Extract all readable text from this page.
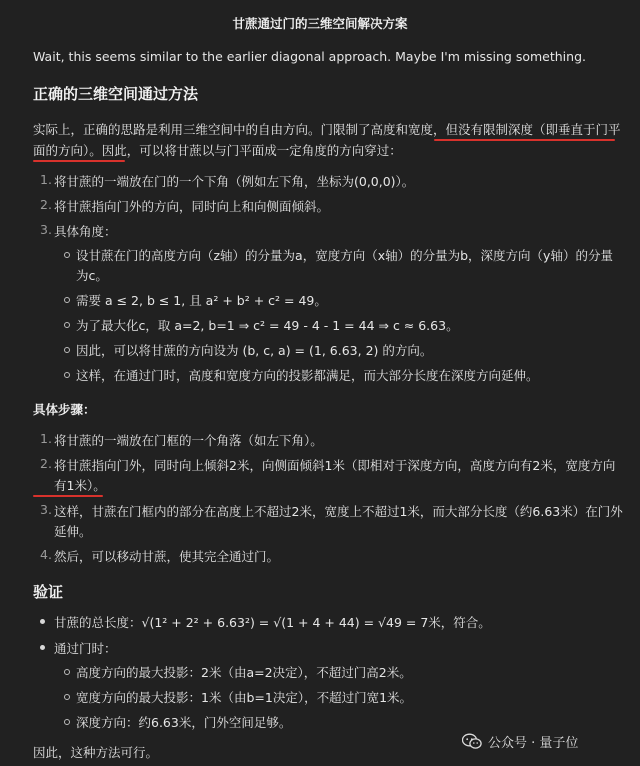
甘蔗通过门的三维空间解决方案
Wait, this seems similar to the earlier diagonal approach. Maybe I'm missing something.
正确的三维空间通过方法
实际上，正确的思路是利用三维空间中的自由方向。门限制了高度和宽度，但没有限制深度（即垂直于门平
面的方向）。因此，可以将甘蔗以与门平面成一定角度的方向穿过：
1. 将甘蔗的一端放在门的一个下角（例如左下角，坐标为(0,0,0)）。
2. 将甘蔗指向门外的方向，同时向上和向侧面倾斜。
3. 具体角度：
设甘蔗在门的高度方向（z轴）的分量为a，宽度方向（x轴）的分量为b，深度方向（y轴）的分量
为c。
需要 a ≤ 2, b ≤ 1, 且 a² + b² + c² = 49。
为了最大化c，取 a=2, b=1 ⇒ c² = 49 - 4 - 1 = 44 ⇒ c ≈ 6.63。
因此，可以将甘蔗的方向设为 (b, c, a) = (1, 6.63, 2) 的方向。
这样，在通过门时，高度和宽度方向的投影都满足，而大部分长度在深度方向延伸。
具体步骤：
1. 将甘蔗的一端放在门框的一个角落（如左下角）。
2. 将甘蔗指向门外，同时向上倾斜2米，向侧面倾斜1米（即相对于深度方向，高度方向有2米，宽度方向
有1米）。
3. 这样，甘蔗在门框内的部分在高度上不超过2米，宽度上不超过1米，而大部分长度（约6.63米）在门外
延伸。
4. 然后，可以移动甘蔗，使其完全通过门。
验证
甘蔗的总长度：√(1² + 2² + 6.63²) = √(1 + 4 + 44) = √49 = 7米，符合。
通过门时：
高度方向的最大投影：2米（由a=2决定），不超过门高2米。
宽度方向的最大投影：1米（由b=1决定），不超过门宽1米。
深度方向：约6.63米，门外空间足够。
因此，这种方法可行。
公众号 · 量子位
